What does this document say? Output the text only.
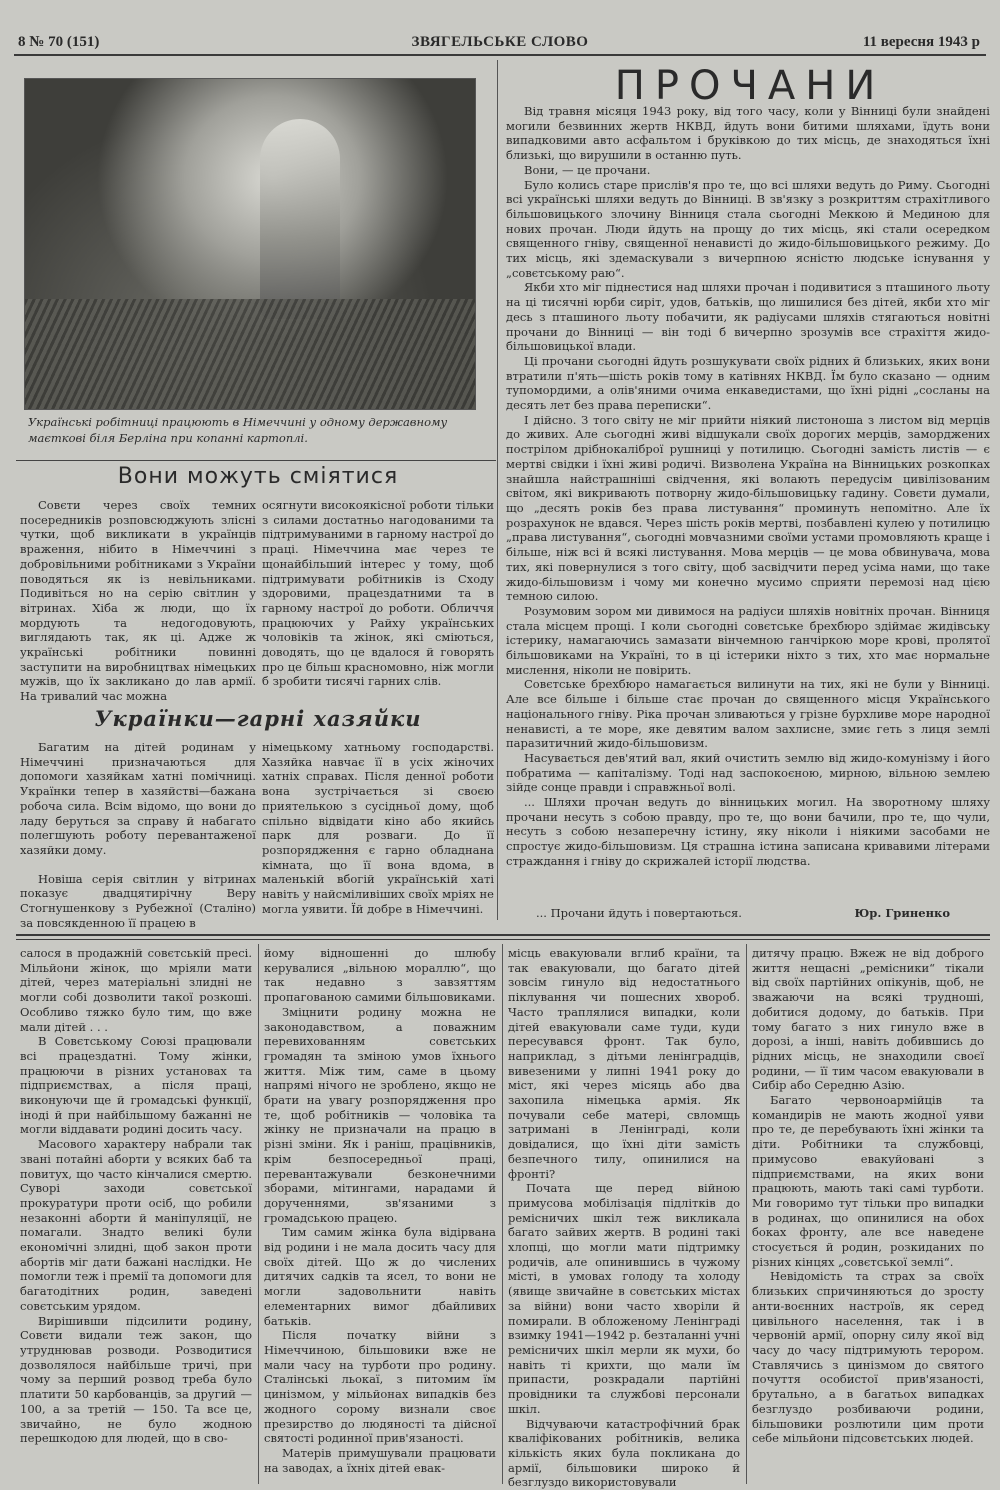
8 № 70 (151)	ЗВЯГЕЛЬСЬКЕ СЛОВО	11 вересня 1943 р
Українські робітниці працюють в Німеччині у одному державному маєткові біля Берліна при копанні картоплі.
Вони можуть сміятися

Совєти через своїх темних посередників розповсюджують злісні чутки, щоб викликати в українців враження, нібито в Німеччині з добровільними робітниками з України поводяться як із невільниками. Подивіться но на серію світлин у вітринах. Хіба ж люди, що їх мордують та недогодовують, виглядають так, як ці. Адже ж українські робітники повинні заступити на виробництвах німецьких мужів, що їх закликано до лав армії. На тривалий час можна

осягнути високоякісної роботи тільки з силами достатньо нагодованими та підтримуваними в гарному настрої до праці. Німеччина має через те щонайбільший інтерес у тому, щоб підтримувати робітників із Сходу здоровими, працездатними та в гарному настрої до роботи. Обличчя працюючих у Райху українських чоловіків та жінок, які сміються, доводять, що це вдалося й говорять про це більш красномовно, ніж могли б зробити тисячі гарних слів.

Українки—гарні хазяйки

Багатим на дітей родинам у Німеччині призначаються для допомоги хазяйкам хатні помічниці. Українки тепер в хазяйстві—бажана робоча сила. Всім відомо, що вони до ладу беруться за справу й набагато полегшують роботу перевантаженої хазяйки дому.

Новіша серія світлин у вітринах показує двадцятирічну Веру Стогнушенкову з Рубежної (Сталіно) за повсякденною її працею в

німецькому хатньому господарстві. Хазяйка навчає її в усіх жіночих хатніх справах. Після денної роботи вона зустрічається зі своєю приятелькою з сусідньої дому, щоб спільно відвідати кіно або якийсь парк для розваги. До її розпорядження є гарно обладнана кімната, що її вона вдома, в маленькій вбогій українській хаті навіть у найсміливіших своїх мріях не могла уявити. Їй добре в Німеччині.

ПРОЧАНИ

Від травня місяця 1943 року, від того часу, коли у Вінниці були знайдені могили безвинних жертв НКВД, йдуть вони битими шляхами, їдуть вони випадковими авто асфальтом і бруківкою до тих місць, де знаходяться їхні близькі, що вирушили в останню путь.

Вони, — це прочани.

Було колись старе прислів'я про те, що всі шляхи ведуть до Риму. Сьогодні всі українські шляхи ведуть до Вінниці. В зв'язку з розкриттям страхітливого більшовицького злочину Вінниця стала сьогодні Меккою й Мединою для нових прочан. Люди йдуть на прощу до тих місць, які стали осередком священного гніву, священної ненависті до жидо-більшовицького режиму. До тих місць, які здемаскували з вичерпною ясністю людське існування у „совєтському раю“.

Якби хто міг піднестися над шляхи прочан і подивитися з пташиного льоту на ці тисячні юрби сиріт, удов, батьків, що лишилися без дітей, якби хто міг десь з пташиного льоту побачити, як радіусами шляхів стягаються новітні прочани до Вінниці — він тоді б вичерпно зрозумів все страхіття жидо-більшовицької влади.

Ці прочани сьогодні йдуть розшукувати своїх рідних й близьких, яких вони втратили п'ять—шість років тому в катівнях НКВД. Їм було сказано — одним тупомордими, а олів'яними очима енкаведистами, що їхні рідні „сосланы на десять лет без права переписки“.

І дійсно. З того світу не міг прийти ніякий листоноша з листом від мерців до живих. Але сьогодні живі відшукали своїх дорогих мерців, заморджених пострілом дрібнокаліброї рушниці у потилицю. Сьогодні замість листів — є мертві свідки і їхні живі родичі. Визволена Україна на Вінницьких розкопках знайшла найстрашніші свідчення, які волають передусім цивілізованим світом, які викривають потворну жидо-більшовицьку гадину. Совєти думали, що „десять років без права листування“ проминуть непомітно. Але їх розрахунок не вдався. Через шість років мертві, позбавлені кулею у потилицю „права листування“, сьогодні мовчазними своїми устами промовляють краще і більше, ніж всі й всякі листування. Мова мерців — це мова обвинувача, мова тих, які повернулися з того світу, щоб засвідчити перед усіма нами, що таке жидо-більшовизм і чому ми конечно мусимо сприяти перемозі над цією темною силою.

Розумовим зором ми дивимося на радіуси шляхів новітніх прочан. Вінниця стала місцем прощі. І коли сьогодні совєтське брехбюро здіймає жидівську істерику, намагаючись замазати вінчемною ганчіркою море крові, пролятої більшовиками на Україні, то в ці істерики ніхто з тих, хто має нормальне мислення, ніколи не повірить.

Совєтське брехбюро намагається вилинути на тих, які не були у Вінниці. Але все більше і більше стає прочан до священного місця Українського національного гніву. Ріка прочан зливаються у грізне бурхливе море народної ненависті, а те море, яке девятим валом захлисне, змиє геть з лиця землі паразитичний жидо-більшовизм.

Насувається дев'ятий вал, який очистить землю від жидо-комунізму і його побратима — капіталізму. Тоді над заспокоєною, мирною, вільною землею зійде сонце правди і справжньої волі.

... Шляхи прочан ведуть до вінницьких могил. На зворотному шляху прочани несуть з собою правду, про те, що вони бачили, про те, що чули, несуть з собою незаперечну істину, яку ніколи і ніякими засобами не спростує жидо-більшовизм. Ця страшна істина записана кривавими літерами страждання і гніву до скрижалей історії людства.

... Прочани йдуть і повертаються.	Юр. Гриненко

салося в продажній совєтській пресі. Мільйони жінок, що мріяли мати дітей, через матеріальні злидні не могли собі дозволити такої розкоші. Особливо тяжко було тим, що вже мали дітей . . .

В Совєтському Союзі працювали всі працездатні. Тому жінки, працюючи в різних установах та підприємствах, а після праці, виконуючи ще й громадські функції, іноді й при найбільшому бажанні не могли віддавати родині досить часу.

Масового характеру набрали так звані потайні аборти у всяких баб та повитух, що часто кінчалися смертю. Суворі заходи совєтської прокуратури проти осіб, що робили незаконні аборти й маніпуляції, не помагали. Знадто великі були економічні злидні, щоб закон проти абортів міг дати бажані наслідки. Не помогли теж і премії та допомоги для багатодітних родин, заведені совєтським урядом.

Вирішивши підсилити родину, Совєти видали теж закон, що утруднював розводи. Розводитися дозволялося найбільше тричі, при чому за перший розвод треба було платити 50 карбованців, за другий — 100, а за третій — 150. Та все це, звичайно, не було жодною перешкодою для людей, що в сво-

йому відношенні до шлюбу керувалися „вільною мораллю“, що так недавно з завзяттям пропагованою самими більшовиками.

Зміцнити родину можна не законодавством, а поважним перевихованням совєтських громадян та зміною умов їхнього життя. Між тим, саме в цьому напрямі нічого не зроблено, якщо не брати на увагу розпорядження про те, щоб робітників — чоловіка та жінку не призначали на працю в різні зміни. Як і раніш, працівників, крім безпосередньої праці, перевантажували безконечними зборами, мітингами, нарадами й дорученнями, зв'язаними з громадською працею.

Тим самим жінка була відірвана від родини і не мала досить часу для своїх дітей. Що ж до числених дитячих садків та ясел, то вони не могли задовольнити навіть елементарних вимог дбайливих батьків.

Після початку війни з Німеччиною, більшовики вже не мали часу на турботи про родину. Сталінські льокаї, з питомим їм цинізмом, у мільйонах випадків без жодного сорому визнали своє презирство до людяності та дійсної святості родинної прив'язаності.

Матерів примушували працювати на заводах, а їхніх дітей евак-

місць евакуювали вглиб країни, та так евакуювали, що багато дітей зовсім гинуло від недостатнього піклування чи пошесних хвороб. Часто траплялися випадки, коли дітей евакуювали саме туди, куди пересувався фронт. Так було, наприклад, з дітьми ленінградців, вивезеними у липні 1941 року до міст, які через місяць або два захопила німецька армія. Як почували себе матері, свломщь затримані в Ленінграді, коли довідалися, що їхні діти замість безпечного тилу, опинилися на фронті?

Почата ще перед війною примусова мобілізація підлітків до ремісничих шкіл теж викликала багато зайвих жертв. В родині такі хлопці, що могли мати підтримку родичів, але опинившись в чужому місті, в умовах голоду та холоду (явище звичайне в совєтських містах за війни) вони часто хворіли й помирали. В обложеному Ленінграді взимку 1941—1942 р. безталанні учні ремісничих шкіл мерли як мухи, бо навіть ті крихти, що мали їм припасти, розкрадали партійні провідники та службові персонали шкіл.

Відчуваючи катастрофічний брак кваліфікованих робітників, велика кількість яких була покликана до армії, більшовики широко й безглуздо використовували

дитячу працю. Вжеж не від доброго життя нещасні „ремісники“ тікали від своїх партійних опікунів, щоб, не зважаючи на всякі трудноші, добитися додому, до батьків. При тому багато з них гинуло вже в дорозі, а інші, навіть добившись до рідних місць, не знаходили своєї родини, — її тим часом евакуювали в Сибір або Середню Азію.

Багато червоноармійців та командирів не мають жодної уяви про те, де перебувають їхні жінки та діти. Робітники та службовці, примусово евакуйовані з підприємствами, на яких вони працюють, мають такі самі турботи. Ми говоримо тут тільки про випадки в родинах, що опинилися на обох боках фронту, але все наведене стосується й родин, розкиданих по різних кінцях „совєтської землі“.

Невідомість та страх за своїх близьких спричиняються до зросту анти-воєнних настроїв, як серед цивільного населення, так і в червоній армії, опорну силу якої від часу до часу підтримують терором. Ставлячись з цинізмом до святого почуття особистої прив'язаності, брутально, а в багатьох випадках безглуздо розбиваючи родини, більшовики розлютили цим проти себе мільйони підсовєтських людей.
